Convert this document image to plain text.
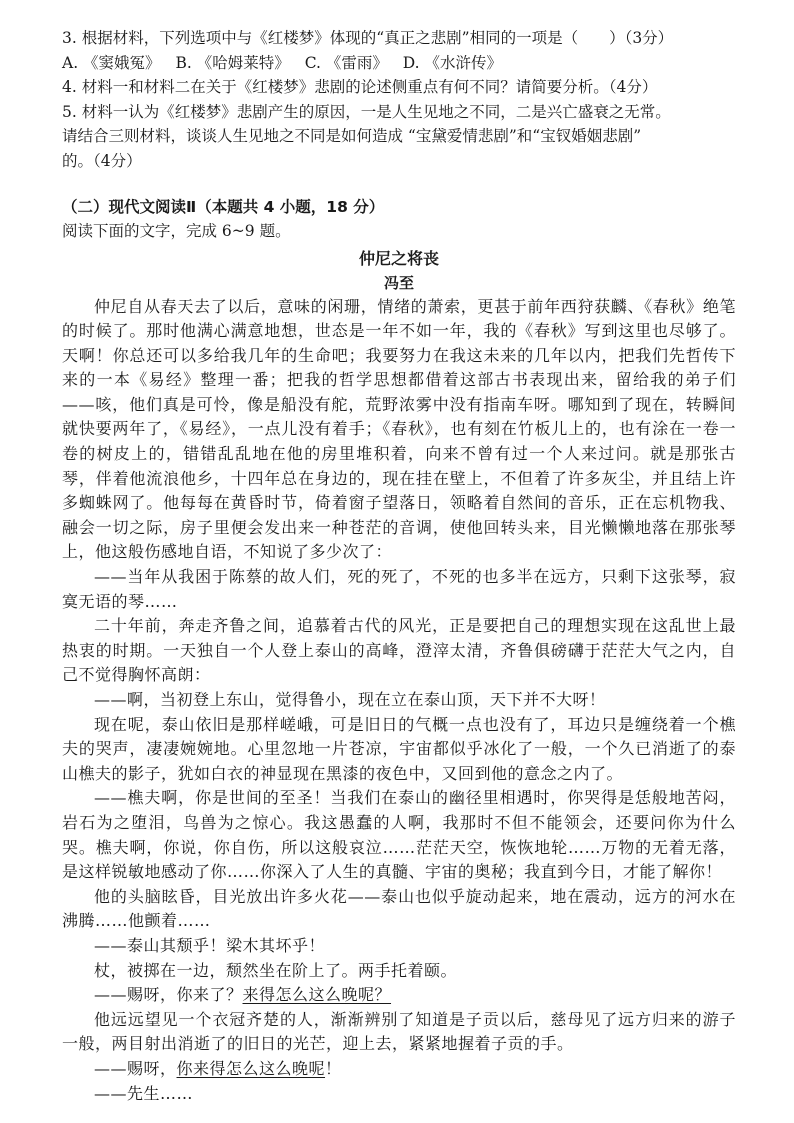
3. 根据材料，下列选项中与《红楼梦》体现的“真正之悲剧”相同的一项是（　　）（3分）
A. 《窦娥冤》 B. 《哈姆莱特》 C. 《雷雨》 D. 《水浒传》
4. 材料一和材料二在关于《红楼梦》悲剧的论述侧重点有何不同？请简要分析。（4分）
5. 材料一认为《红楼梦》悲剧产生的原因，一是人生见地之不同，二是兴亡盛衰之无常。
请结合三则材料，谈谈人生见地之不同是如何造成 “宝黛爱情悲剧”和“宝钗婚姻悲剧”
的。（4分）
（二）现代文阅读Ⅱ（本题共 4 小题，18 分）
阅读下面的文字，完成 6~9 题。
仲尼之将丧
冯至
仲尼自从春天去了以后，意味的闲珊，情绪的萧索，更甚于前年西狩获麟、《春秋》绝笔的时候了。那时他满心满意地想，世态是一年不如一年，我的《春秋》写到这里也尽够了。天啊！你总还可以多给我几年的生命吧；我要努力在我这未来的几年以内，把我们先哲传下来的一本《易经》整理一番；把我的哲学思想都借着这部古书表现出来，留给我的弟子们——咳，他们真是可怜，像是船没有舵，荒野浓雾中没有指南车呀。哪知到了现在，转瞬间就快要两年了，《易经》，一点儿没有着手；《春秋》，也有刻在竹板儿上的，也有涂在一卷一卷的树皮上的，错错乱乱地在他的房里堆积着，向来不曾有过一个人来过问。就是那张古琴，伴着他流浪他乡，十四年总在身边的，现在挂在壁上，不但着了许多灰尘，并且结上许多蜘蛛网了。他每每在黄昏时节，倚着窗子望落日，领略着自然间的音乐，正在忘机物我、融会一切之际，房子里便会发出来一种苍茫的音调，使他回转头来，目光懒懒地落在那张琴上，他这般伤感地自语，不知说了多少次了：
——当年从我困于陈蔡的故人们，死的死了，不死的也多半在远方，只剩下这张琴，寂寞无语的琴……
二十年前，奔走齐鲁之间，追慕着古代的风光，正是要把自己的理想实现在这乱世上最热衷的时期。一天独自一个人登上泰山的高峰，澄滓太清，齐鲁俱磅礴于茫茫大气之内，自己不觉得胸怀高朗：
——啊，当初登上东山，觉得鲁小，现在立在泰山顶，天下并不大呀！
现在呢，泰山依旧是那样嵯峨，可是旧日的气概一点也没有了，耳边只是缠绕着一个樵夫的哭声，凄凄婉婉地。心里忽地一片苍凉，宇宙都似乎冰化了一般，一个久已消逝了的泰山樵夫的影子，犹如白衣的神显现在黑漆的夜色中，又回到他的意念之内了。
——樵夫啊，你是世间的至圣！当我们在泰山的幽径里相遇时，你哭得是恁般地苦闷，岩石为之堕泪，鸟兽为之惊心。我这愚蠢的人啊，我那时不但不能领会，还要问你为什么哭。樵夫啊，你说，你自伤，所以这般哀泣……茫茫天空，恢恢地轮……万物的无着无落，是这样锐敏地感动了你……你深入了人生的真髓、宇宙的奥秘；我直到今日，才能了解你！
他的头脑眩昏，目光放出许多火花——泰山也似乎旋动起来，地在震动，远方的河水在沸腾……他颤着……
——泰山其颓乎！梁木其坏乎！
杖，被掷在一边，颓然坐在阶上了。两手托着颐。
——赐呀，你来了？来得怎么这么晚呢？
他远远望见一个衣冠齐楚的人，渐渐辨别了知道是子贡以后，慈母见了远方归来的游子一般，两目射出消逝了的旧日的光芒，迎上去，紧紧地握着子贡的手。
——赐呀，你来得怎么这么晚呢！
——先生……
